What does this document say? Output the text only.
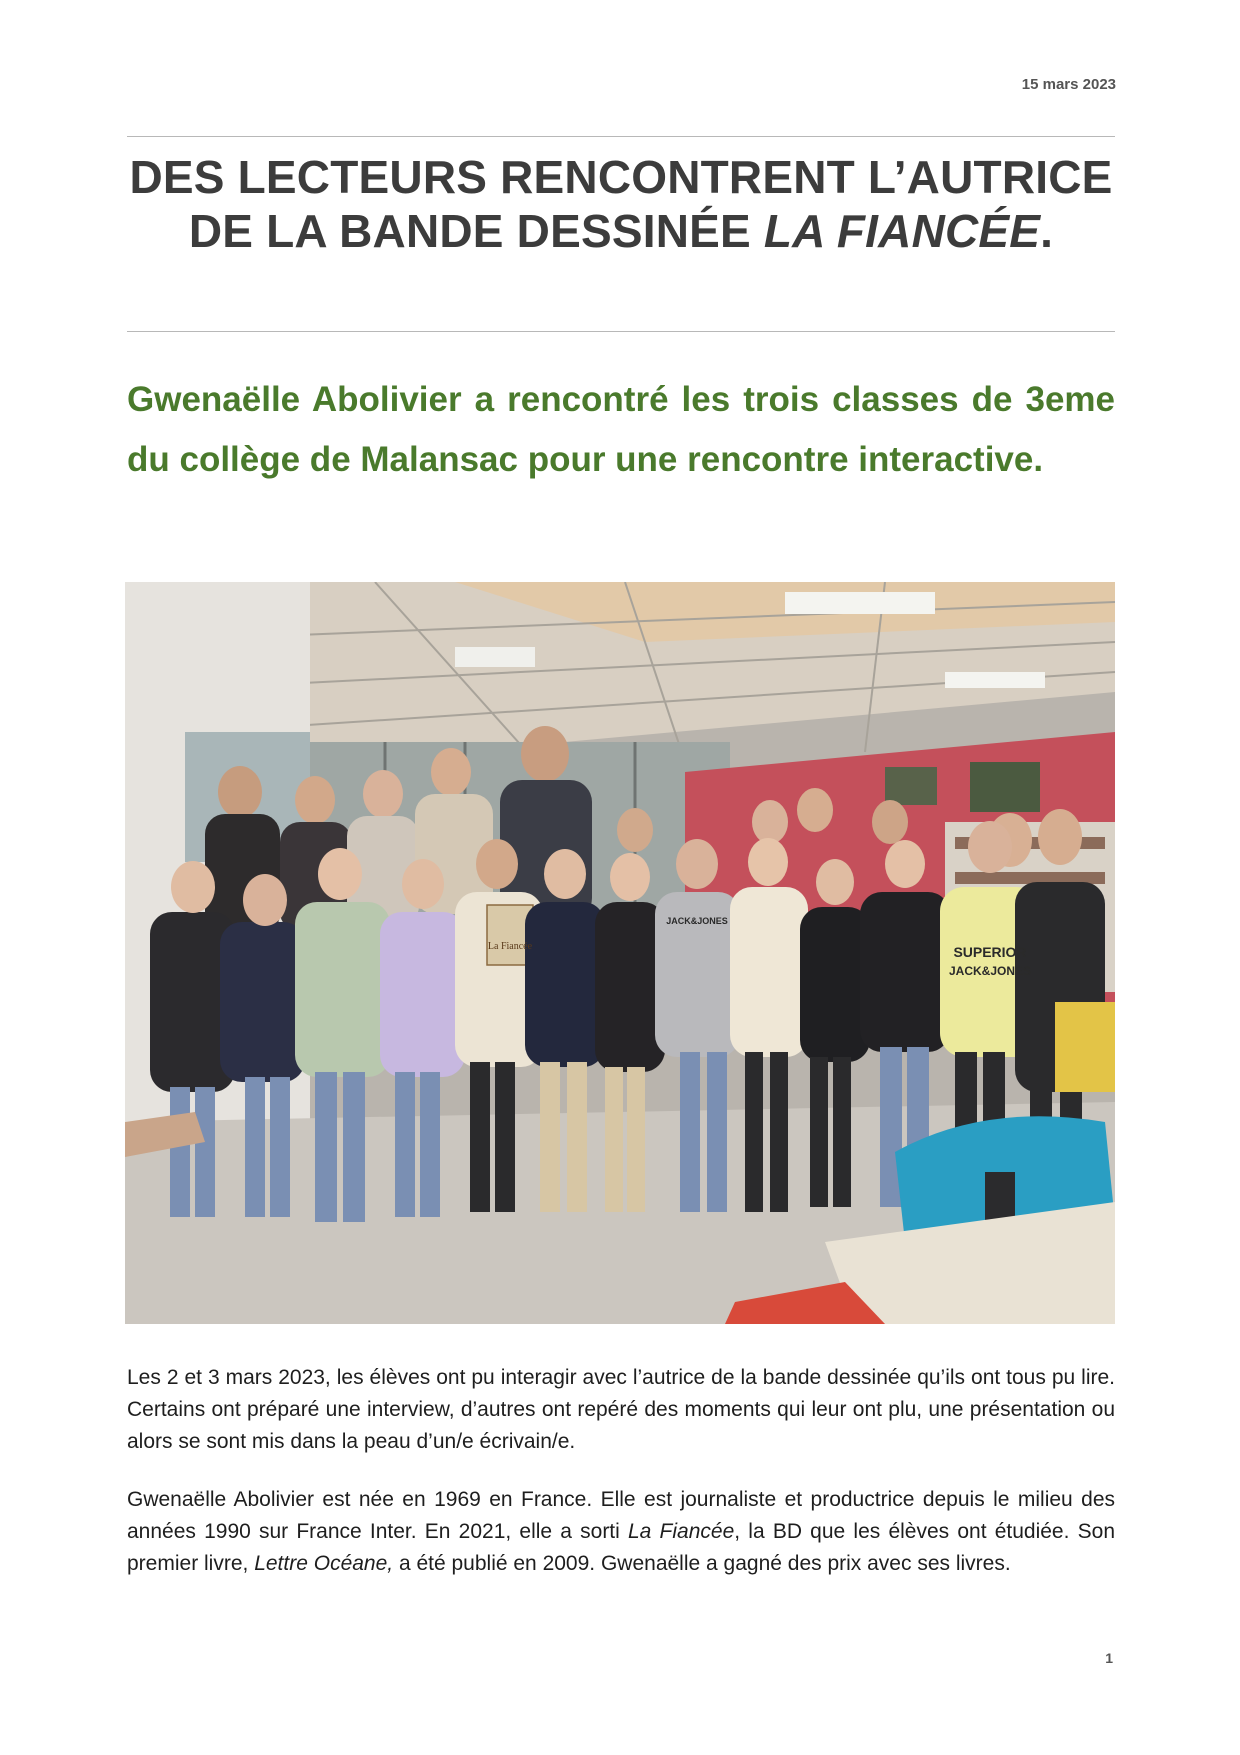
15 mars 2023
DES LECTEURS RENCONTRENT L’AUTRICE DE LA BANDE DESSINÉE LA FIANCÉE.
Gwenaëlle Abolivier a rencontré les trois classes de 3eme du collège de Malansac pour une rencontre interactive.
SUPERIOR
JACK&JONES
JACK&JONES
La Fiancée
Les 2 et 3 mars 2023, les élèves ont pu interagir avec l’autrice de la bande dessinée qu’ils ont tous pu lire. Certains ont préparé une interview, d’autres ont repéré des moments qui leur ont plu, une présentation ou alors se sont mis dans la peau d’un/e écrivain/e.
Gwenaëlle Abolivier est née en 1969 en France. Elle est journaliste et productrice depuis le milieu des années 1990 sur France Inter. En 2021, elle a sorti La Fiancée, la BD que les élèves ont étudiée. Son premier livre, Lettre Océane, a été publié en 2009. Gwenaëlle a gagné des prix avec ses livres.
1
